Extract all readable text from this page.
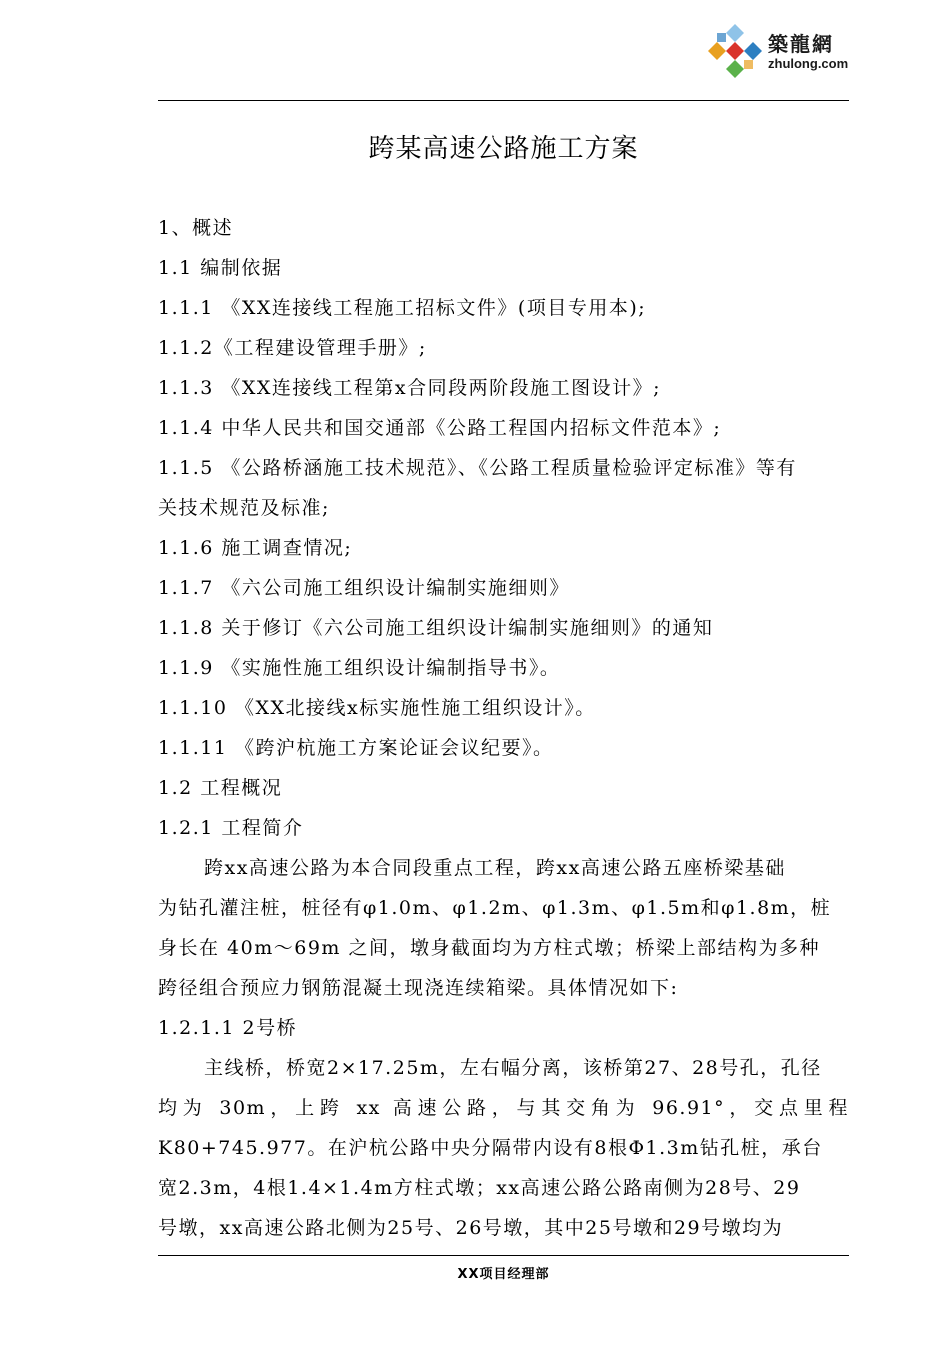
築龍網
zhulong.com
跨某高速公路施工方案
1、概述
1.1 编制依据
1.1.1 《XX连接线工程施工招标文件》(项目专用本);
1.1.2《工程建设管理手册》;
1.1.3 《XX连接线工程第x合同段两阶段施工图设计》;
1.1.4 中华人民共和国交通部《公路工程国内招标文件范本》;
1.1.5 《公路桥涵施工技术规范》、《公路工程质量检验评定标准》等有
关技术规范及标准;
1.1.6 施工调查情况;
1.1.7 《六公司施工组织设计编制实施细则》
1.1.8 关于修订《六公司施工组织设计编制实施细则》的通知
1.1.9 《实施性施工组织设计编制指导书》。
1.1.10 《XX北接线x标实施性施工组织设计》。
1.1.11 《跨沪杭施工方案论证会议纪要》。
1.2 工程概况
1.2.1 工程简介
跨xx高速公路为本合同段重点工程，跨xx高速公路五座桥梁基础
为钻孔灌注桩，桩径有φ1.0m、φ1.2m、φ1.3m、φ1.5m和φ1.8m，桩
身长在 40m～69m 之间，墩身截面均为方柱式墩；桥梁上部结构为多种
跨径组合预应力钢筋混凝土现浇连续箱梁。具体情况如下:
1.2.1.1 2号桥
主线桥，桥宽2×17.25m，左右幅分离，该桥第27、28号孔，孔径
均为 30m，上跨 xx 高速公路，与其交角为 96.91°，交点里程
K80+745.977。在沪杭公路中央分隔带内设有8根Φ1.3m钻孔桩，承台
宽2.3m，4根1.4×1.4m方柱式墩；xx高速公路公路南侧为28号、29
号墩，xx高速公路北侧为25号、26号墩，其中25号墩和29号墩均为
XX项目经理部
